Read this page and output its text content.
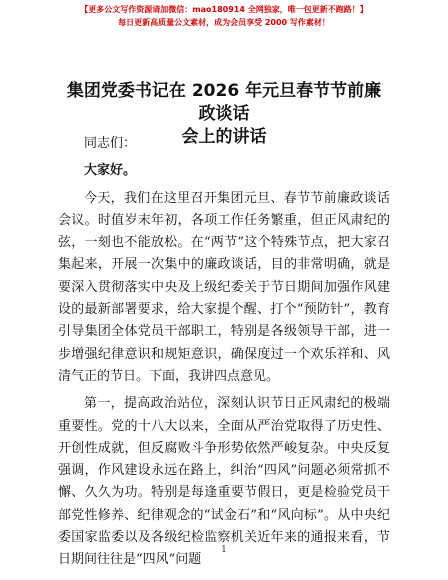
【更多公文写作资源请加微信：mao180914 全网独家，唯一包更新不跑路！】
每日更新高质量公文素材，成为会员享受 2000 写作素材！
集团党委书记在 2026 年元旦春节节前廉政谈话
会上的讲话

同志们：

大家好。

今天，我们在这里召开集团元旦、春节节前廉政谈话会议。时值岁末年初，各项工作任务繁重，但正风肃纪的弦，一刻也不能放松。在“两节”这个特殊节点，把大家召集起来，开展一次集中的廉政谈话，目的非常明确，就是要深入贯彻落实中央及上级纪委关于节日期间加强作风建设的最新部署要求，给大家提个醒、打个“预防针”，教育引导集团全体党员干部职工，特别是各级领导干部，进一步增强纪律意识和规矩意识，确保度过一个欢乐祥和、风清气正的节日。下面，我讲四点意见。

第一，提高政治站位，深刻认识节日正风肃纪的极端重要性。党的十八大以来，全面从严治党取得了历史性、开创性成就，但反腐败斗争形势依然严峻复杂。中央反复强调，作风建设永远在路上，纠治“四风”问题必须常抓不懈、久久为功。特别是每逢重要节假日，更是检验党员干部党性修养、纪律观念的“试金石”和“风向标”。从中央纪委国家监委以及各级纪检监察机关近年来的通报来看，节日期间往往是“四风”问题

1
